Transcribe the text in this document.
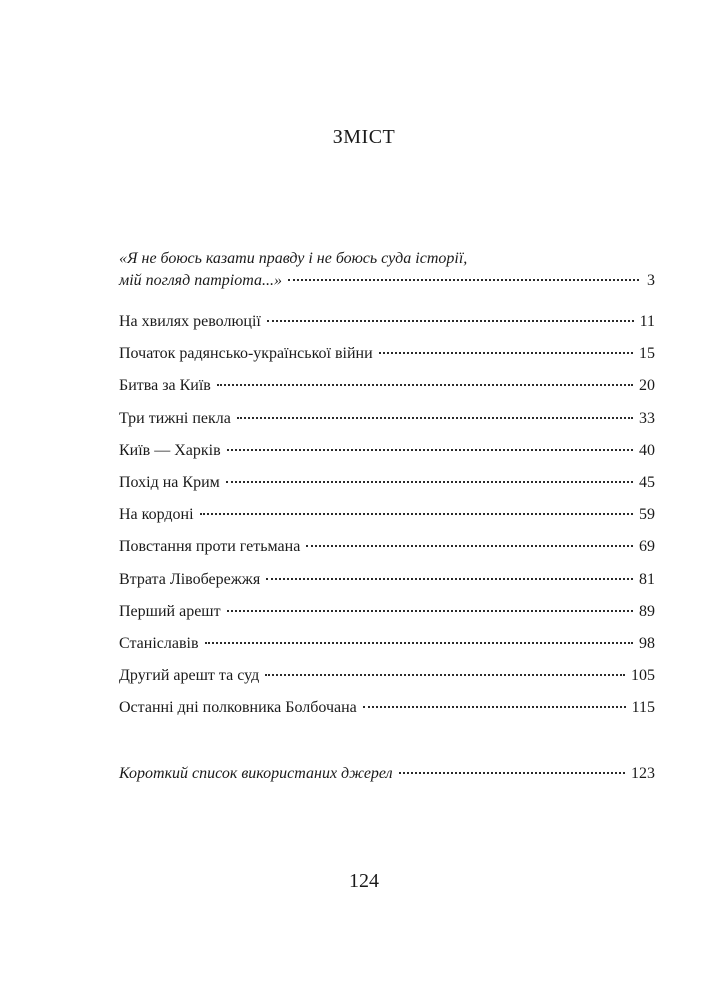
ЗМІСТ
«Я не боюсь казати правду і не боюсь суда історії,
мій погляд патріота...»	3
На хвилях революції	11
Початок радянсько-української війни	15
Битва за Київ	20
Три тижні пекла	33
Київ — Харків	40
Похід на Крим	45
На кордоні	59
Повстання проти гетьмана	69
Втрата Лівобережжя	81
Перший арешт	89
Станіславів	98
Другий арешт та суд	105
Останні дні полковника Болбочана	115
Короткий список використаних джерел	123
124
